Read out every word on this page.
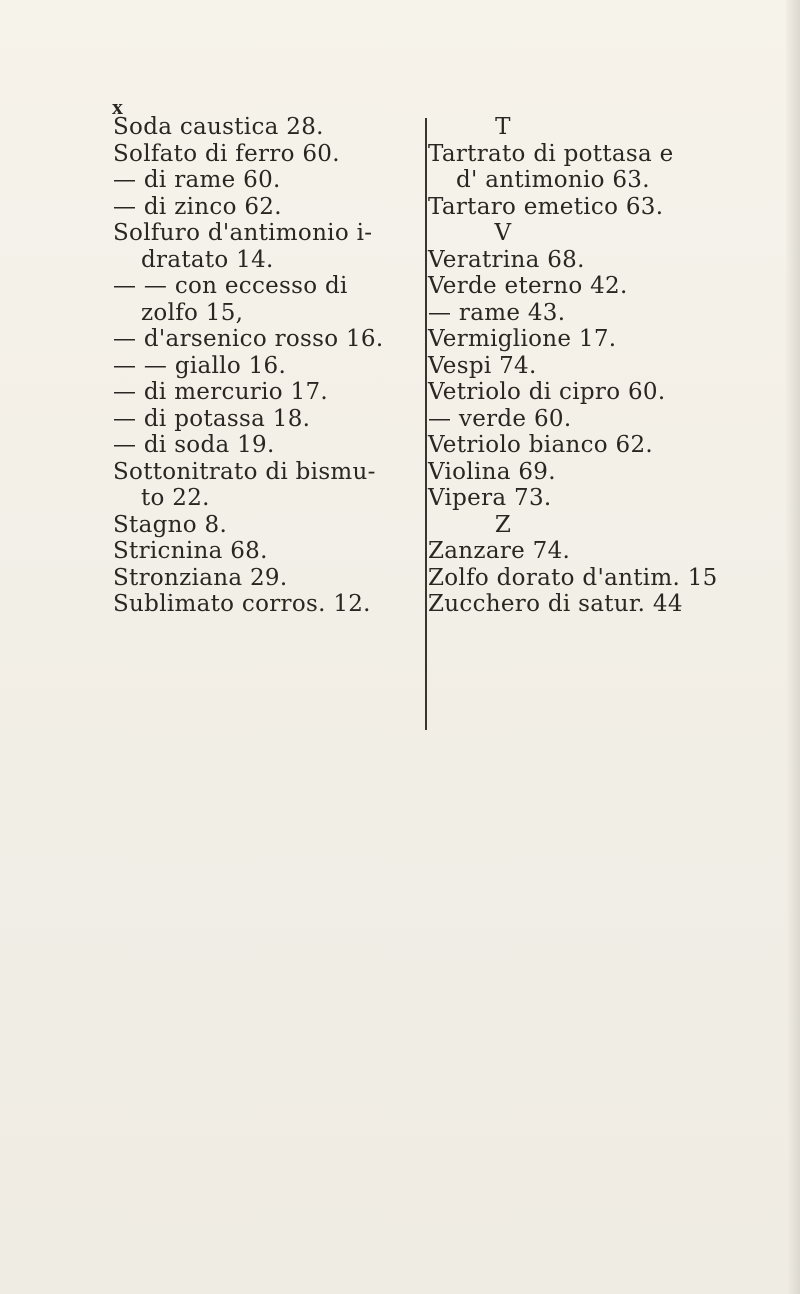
x
Soda caustica 28.
Solfato di ferro 60.
— di rame 60.
— di zinco 62.
Solfuro d'antimonio i-
dratato 14.
— — con eccesso di
zolfo 15,
— d'arsenico rosso 16.
— — giallo 16.
— di mercurio 17.
— di potassa 18.
— di soda 19.
Sottonitrato di bismu-
to 22.
Stagno 8.
Stricnina 68.
Stronziana 29.
Sublimato corros. 12.
T
Tartrato di pottasa e
d' antimonio 63.
Tartaro emetico 63.
V
Veratrina 68.
Verde eterno 42.
— rame 43.
Vermiglione 17.
Vespi 74.
Vetriolo di cipro 60.
— verde 60.
Vetriolo bianco 62.
Violina 69.
Vipera 73.
Z
Zanzare 74.
Zolfo dorato d'antim. 15
Zucchero di satur. 44
